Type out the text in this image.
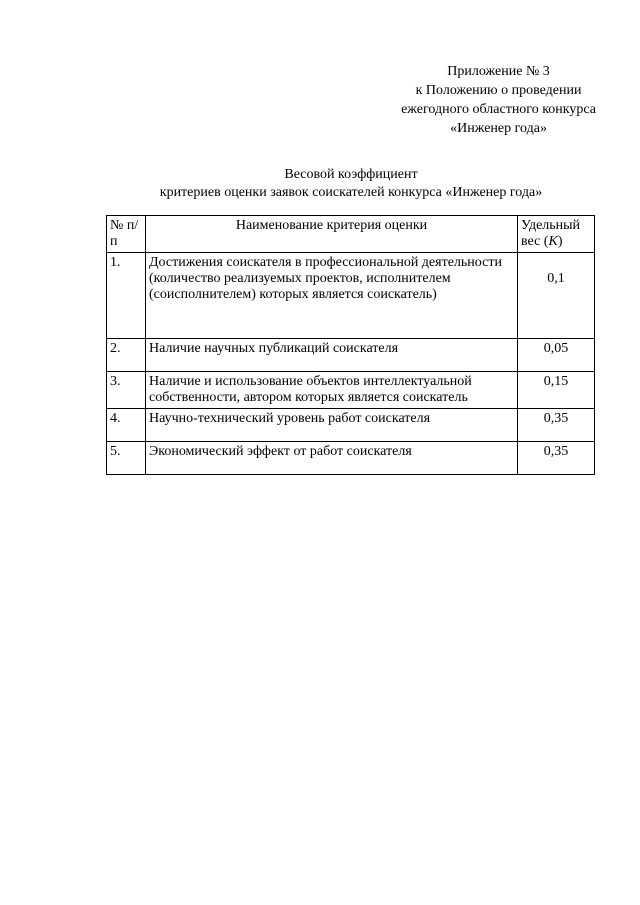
Приложение № 3
к Положению о проведении
ежегодного областного конкурса
«Инженер года»
Весовой коэффициент
критериев оценки заявок соискателей конкурса «Инженер года»
№ п/п	Наименование критерия оценки	Удельный вес (K)
1.	Достижения соискателя в профессиональной деятельности (количество реализуемых проектов, исполнителем (соисполнителем) которых является соискатель)	0,1
2.	Наличие научных публикаций соискателя	0,05
3.	Наличие и использование объектов интеллектуальной собственности, автором которых является соискатель	0,15
4.	Научно-технический уровень работ соискателя	0,35
5.	Экономический эффект от работ соискателя	0,35
